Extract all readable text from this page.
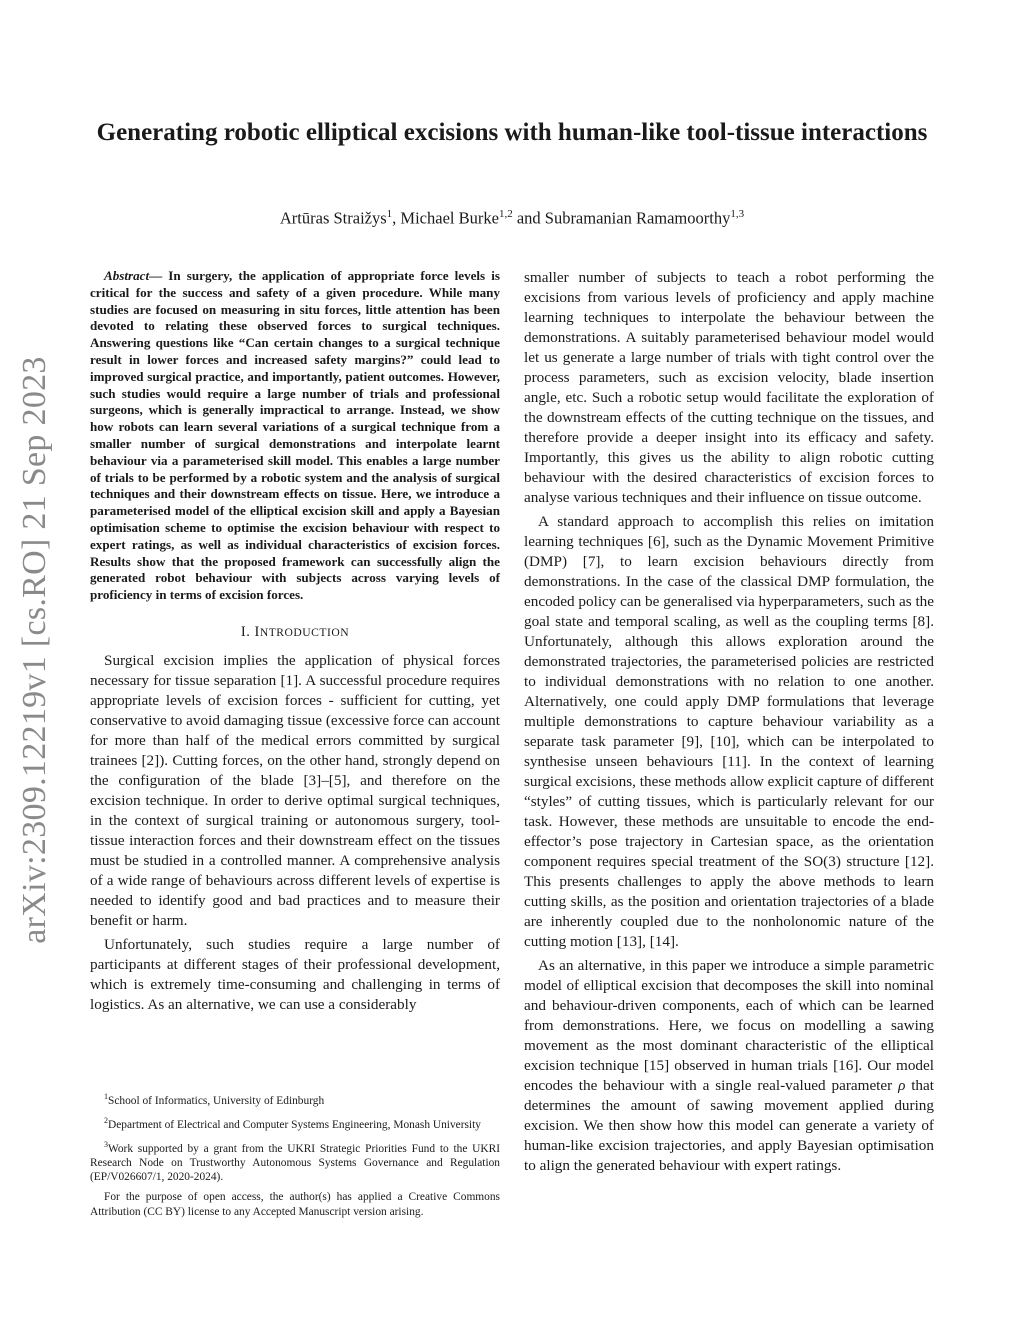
arXiv:2309.12219v1 [cs.RO] 21 Sep 2023
Generating robotic elliptical excisions with human-like tool-tissue interactions
Artūras Straižys$^1$, Michael Burke$^{1,2}$ and Subramanian Ramamoorthy$^{1,3}$

Abstract— In surgery, the application of appropriate force levels is critical for the success and safety of a given procedure. While many studies are focused on measuring in situ forces, little attention has been devoted to relating these observed forces to surgical techniques. Answering questions like “Can certain changes to a surgical technique result in lower forces and increased safety margins?” could lead to improved surgical practice, and importantly, patient outcomes. However, such studies would require a large number of trials and professional surgeons, which is generally impractical to arrange. Instead, we show how robots can learn several variations of a surgical technique from a smaller number of surgical demonstrations and interpolate learnt behaviour via a parameterised skill model. This enables a large number of trials to be performed by a robotic system and the analysis of surgical techniques and their downstream effects on tissue. Here, we introduce a parameterised model of the elliptical excision skill and apply a Bayesian optimisation scheme to optimise the excision behaviour with respect to expert ratings, as well as individual characteristics of excision forces. Results show that the proposed framework can successfully align the generated robot behaviour with subjects across varying levels of proficiency in terms of excision forces.

I. INTRODUCTION

Surgical excision implies the application of physical forces necessary for tissue separation [1]. A successful procedure requires appropriate levels of excision forces - sufficient for cutting, yet conservative to avoid damaging tissue (excessive force can account for more than half of the medical errors committed by surgical trainees [2]). Cutting forces, on the other hand, strongly depend on the configuration of the blade [3]–[5], and therefore on the excision technique. In order to derive optimal surgical techniques, in the context of surgical training or autonomous surgery, tool-tissue interaction forces and their downstream effect on the tissues must be studied in a controlled manner. A comprehensive analysis of a wide range of behaviours across different levels of expertise is needed to identify good and bad practices and to measure their benefit or harm.

Unfortunately, such studies require a large number of participants at different stages of their professional development, which is extremely time-consuming and challenging in terms of logistics. As an alternative, we can use a considerably

$^1$School of Informatics, University of Edinburgh

$^2$Department of Electrical and Computer Systems Engineering, Monash University

$^3$Work supported by a grant from the UKRI Strategic Priorities Fund to the UKRI Research Node on Trustworthy Autonomous Systems Governance and Regulation (EP/V026607/1, 2020-2024).

For the purpose of open access, the author(s) has applied a Creative Commons Attribution (CC BY) license to any Accepted Manuscript version arising.

smaller number of subjects to teach a robot performing the excisions from various levels of proficiency and apply machine learning techniques to interpolate the behaviour between the demonstrations. A suitably parameterised behaviour model would let us generate a large number of trials with tight control over the process parameters, such as excision velocity, blade insertion angle, etc. Such a robotic setup would facilitate the exploration of the downstream effects of the cutting technique on the tissues, and therefore provide a deeper insight into its efficacy and safety. Importantly, this gives us the ability to align robotic cutting behaviour with the desired characteristics of excision forces to analyse various techniques and their influence on tissue outcome.

A standard approach to accomplish this relies on imitation learning techniques [6], such as the Dynamic Movement Primitive (DMP) [7], to learn excision behaviours directly from demonstrations. In the case of the classical DMP formulation, the encoded policy can be generalised via hyperparameters, such as the goal state and temporal scaling, as well as the coupling terms [8]. Unfortunately, although this allows exploration around the demonstrated trajectories, the parameterised policies are restricted to individual demonstrations with no relation to one another. Alternatively, one could apply DMP formulations that leverage multiple demonstrations to capture behaviour variability as a separate task parameter [9], [10], which can be interpolated to synthesise unseen behaviours [11]. In the context of learning surgical excisions, these methods allow explicit capture of different “styles” of cutting tissues, which is particularly relevant for our task. However, these methods are unsuitable to encode the end-effector’s pose trajectory in Cartesian space, as the orientation component requires special treatment of the SO(3) structure [12]. This presents challenges to apply the above methods to learn cutting skills, as the position and orientation trajectories of a blade are inherently coupled due to the nonholonomic nature of the cutting motion [13], [14].

As an alternative, in this paper we introduce a simple parametric model of elliptical excision that decomposes the skill into nominal and behaviour-driven components, each of which can be learned from demonstrations. Here, we focus on modelling a sawing movement as the most dominant characteristic of the elliptical excision technique [15] observed in human trials [16]. Our model encodes the behaviour with a single real-valued parameter ρ that determines the amount of sawing movement applied during excision. We then show how this model can generate a variety of human-like excision trajectories, and apply Bayesian optimisation to align the generated behaviour with expert ratings.
